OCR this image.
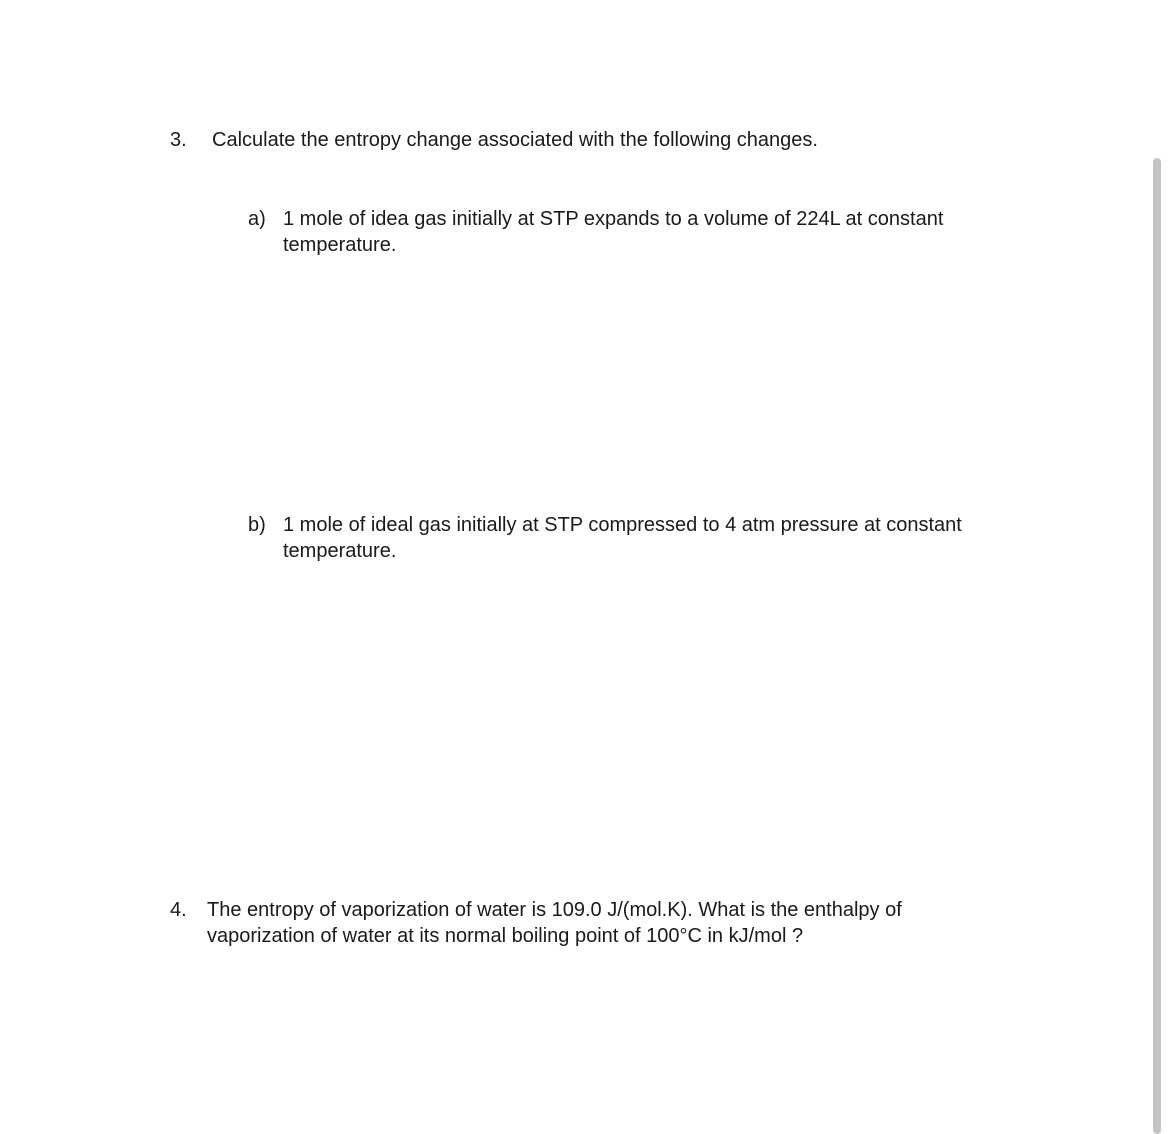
3. Calculate the entropy change associated with the following changes.
a) 1 mole of idea gas initially at STP expands to a volume of 224L at constant
temperature.
b) 1 mole of ideal gas initially at STP compressed to 4 atm pressure at constant
temperature.
4. The entropy of vaporization of water is 109.0 J/(mol.K). What is the enthalpy of
vaporization of water at its normal boiling point of 100°C in kJ/mol ?
